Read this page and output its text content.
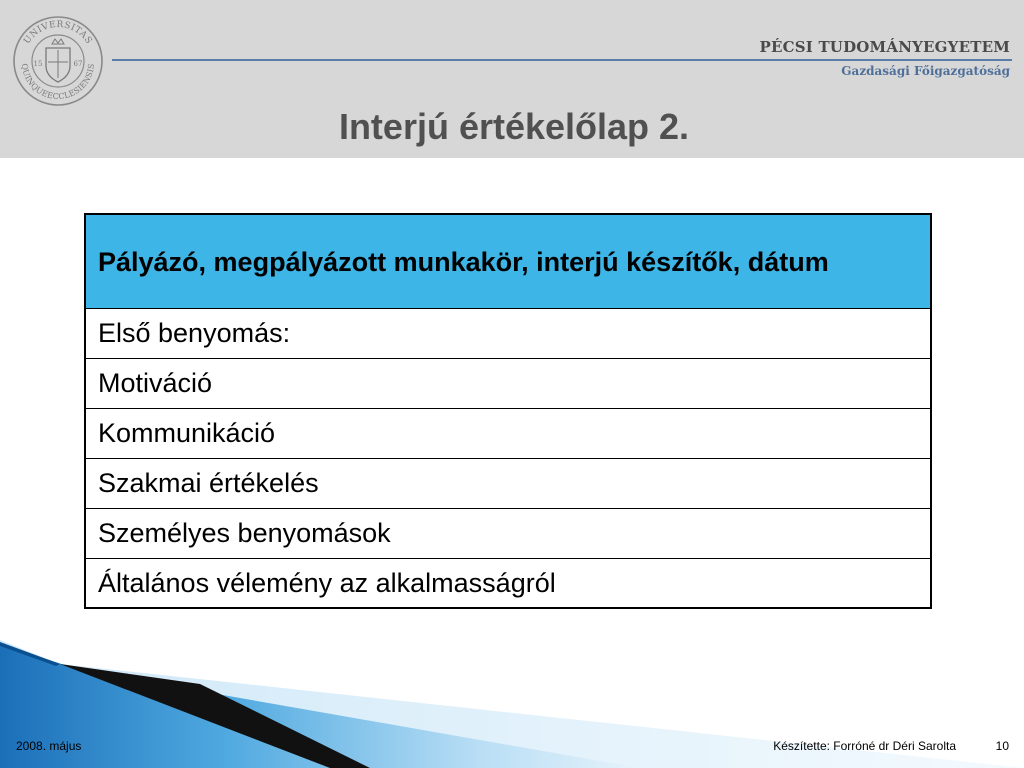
UNIVERSITAS
QUINQUEECCLESIENSIS
15	67
PÉCSI TUDOMÁNYEGYETEM
Gazdasági Főigazgatóság
Interjú értékelőlap 2.
Pályázó, megpályázott munkakör, interjú készítők, dátum
Első benyomás:
Motiváció
Kommunikáció
Szakmai értékelés
Személyes benyomások
Általános vélemény az alkalmasságról
2008. május	Készítette: Forróné dr Déri Sarolta	10
